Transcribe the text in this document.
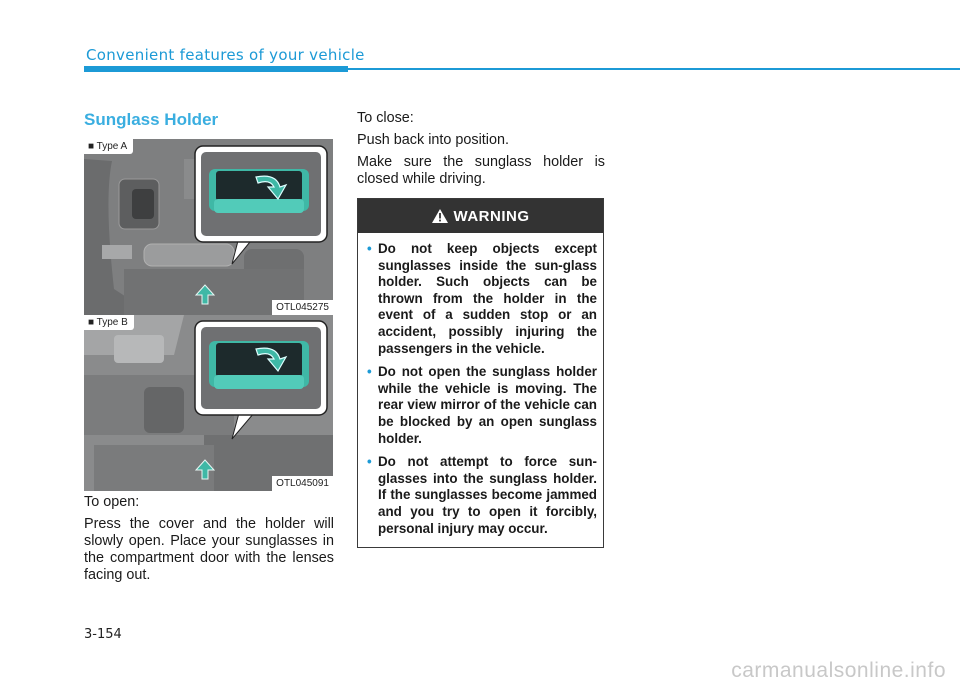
Convenient features of your vehicle
Sunglass Holder
■ Type A
OTL045275
■ Type B
OTL045091
To open:
Press the cover and the holder will slowly open. Place your sunglasses in the compartment door with the lenses facing out.
To close:
Push back into position.
Make sure the sunglass holder is closed while driving.
WARNING
• Do not keep objects except sunglasses inside the sun-glass holder. Such objects can be thrown from the holder in the event of a sudden stop or an accident, possibly injuring the passengers in the vehicle.
• Do not open the sunglass holder while the vehicle is moving. The rear view mirror of the vehicle can be blocked by an open sunglass holder.
• Do not attempt to force sun-glasses into the sunglass holder. If the sunglasses become jammed and you try to open it forcibly, personal injury may occur.
3-154
carmanualsonline.info
